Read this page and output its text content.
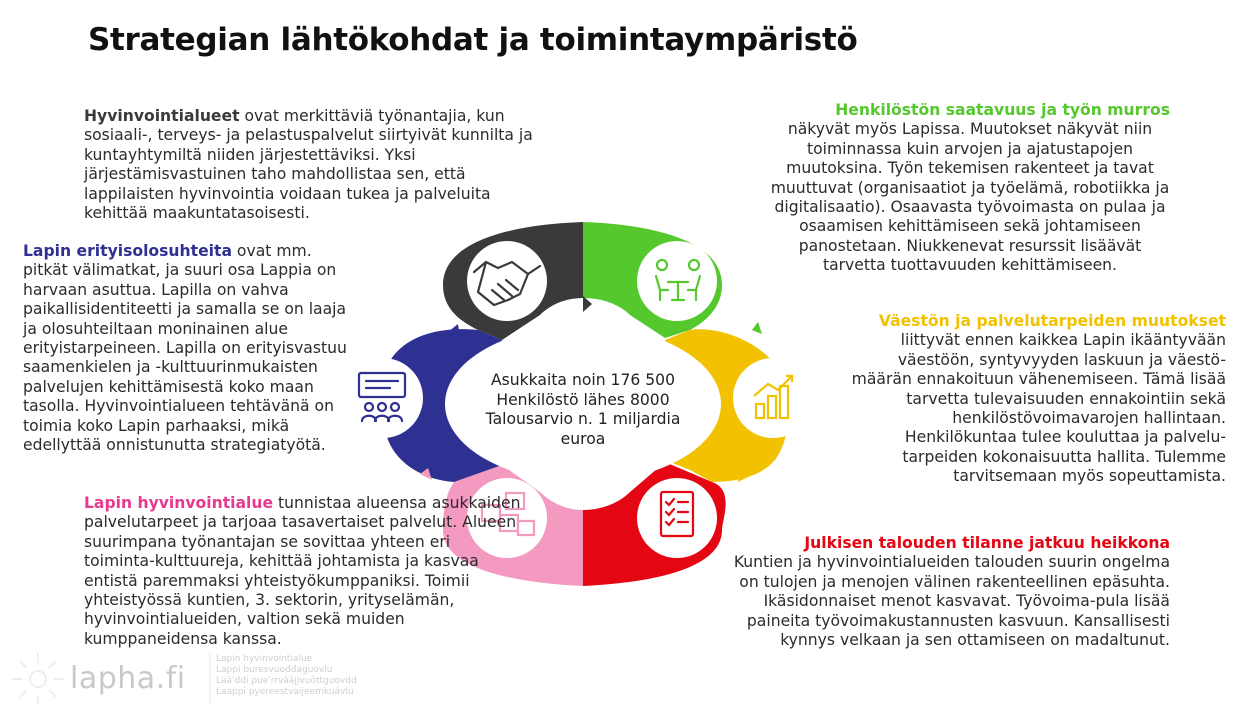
Strategian lähtökohdat ja toimintaympäristö
Asukkaita noin 176 500
Henkilöstö lähes 8000
Talousarvio n. 1 miljardia euroa
Hyvinvointialueet ovat merkittäviä työnantajia, kun sosiaali-, terveys- ja pelastuspalvelut siirtyivät kunnilta ja kuntayhtymiltä niiden järjestettäviksi. Yksi järjestämisvastuinen taho mahdollistaa sen, että lappilaisten hyvinvointia voidaan tukea ja palveluita kehittää maakuntatasoisesti.
Lapin erityisolosuhteita ovat mm. pitkät välimatkat, ja suuri osa Lappia on harvaan asuttua. Lapilla on vahva paikallisidentiteetti ja samalla se on laaja ja olosuhteiltaan moninainen alue erityistarpeineen. Lapilla on erityisvastuu saamenkielen ja -kulttuurinmukaisten palvelujen kehittämisestä koko maan tasolla. Hyvinvointialueen tehtävänä on toimia koko Lapin parhaaksi, mikä edellyttää onnistunutta strategiatyötä.
Lapin hyvinvointialue tunnistaa alueensa asukkaiden palvelutarpeet ja tarjoaa tasavertaiset palvelut. Alueen suurimpana työnantajan se sovittaa yhteen eri toiminta-kulttuureja, kehittää johtamista ja kasvaa entistä paremmaksi yhteistyökumppaniksi. Toimii yhteistyössä kuntien, 3. sektorin, yrityselämän, hyvinvointialueiden, valtion sekä muiden kumppaneidensa kanssa.
Henkilöstön saatavuus ja työn murros
näkyvät myös Lapissa. Muutokset näkyvät niin toiminnassa kuin arvojen ja ajatustapojen muutoksina. Työn tekemisen rakenteet ja tavat muuttuvat (organisaatiot ja työelämä, robotiikka ja digitalisaatio). Osaavasta työvoimasta on pulaa ja osaamisen kehittämiseen sekä johtamiseen panostetaan. Niukkenevat resurssit lisäävät tarvetta tuottavuuden kehittämiseen.
Väestön ja palvelutarpeiden muutokset
liittyvät ennen kaikkea Lapin ikääntyvään väestöön, syntyvyyden laskuun ja väestö-määrän ennakoituun vähenemiseen. Tämä lisää tarvetta tulevaisuuden ennakointiin sekä henkilöstövoimavarojen hallintaan. Henkilökuntaa tulee kouluttaa ja palvelu-tarpeiden kokonaisuutta hallita. Tulemme tarvitsemaan myös sopeuttamista.
Julkisen talouden tilanne jatkuu heikkona
Kuntien ja hyvinvointialueiden talouden suurin ongelma on tulojen ja menojen välinen rakenteellinen epäsuhta. Ikäsidonnaiset menot kasvavat. Työvoima-pula lisää paineita työvoimakustannusten kasvuun. Kansallisesti kynnys velkaan ja sen ottamiseen on madaltunut.
lapha.fi
Lapin hyvinvointialue
Lappi buresvuođđaguovlu
Lääʹddi pueʹrrvââjjvuõttguovdd
Laappi pyereestvaijeemkuávlu
